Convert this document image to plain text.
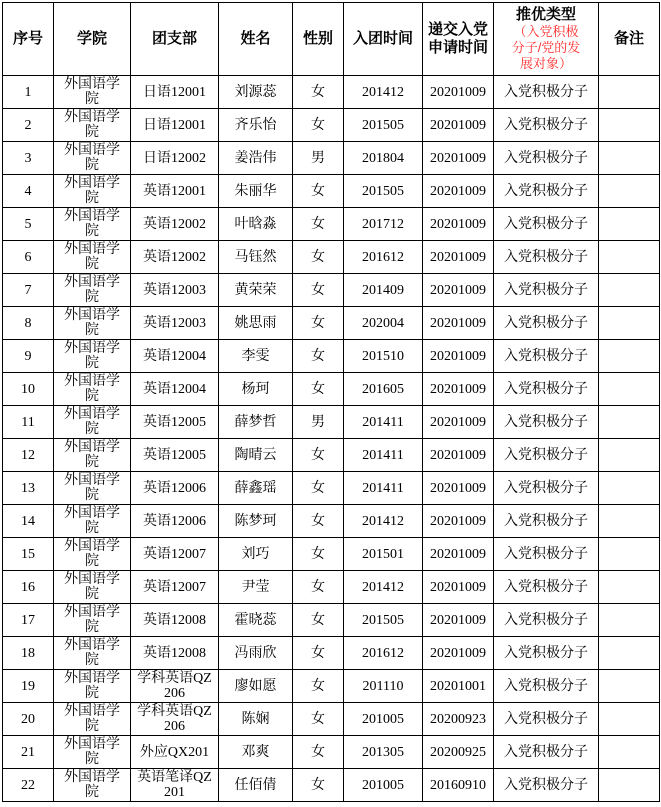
序号	学院	团支部	姓名	性别	入团时间	递交入党申请时间	推优类型
（入党积极
分子/党的发
展对象）	备注
1	外国语学院	日语12001	刘源蕊	女	201412	20201009	入党积极分子	
2	外国语学院	日语12001	齐乐怡	女	201505	20201009	入党积极分子	
3	外国语学院	日语12002	姜浩伟	男	201804	20201009	入党积极分子	
4	外国语学院	英语12001	朱丽华	女	201505	20201009	入党积极分子	
5	外国语学院	英语12002	叶晗淼	女	201712	20201009	入党积极分子	
6	外国语学院	英语12002	马钰然	女	201612	20201009	入党积极分子	
7	外国语学院	英语12003	黄荣荣	女	201409	20201009	入党积极分子	
8	外国语学院	英语12003	姚思雨	女	202004	20201009	入党积极分子	
9	外国语学院	英语12004	李雯	女	201510	20201009	入党积极分子	
10	外国语学院	英语12004	杨珂	女	201605	20201009	入党积极分子	
11	外国语学院	英语12005	薛梦哲	男	201411	20201009	入党积极分子	
12	外国语学院	英语12005	陶晴云	女	201411	20201009	入党积极分子	
13	外国语学院	英语12006	薛鑫瑶	女	201411	20201009	入党积极分子	
14	外国语学院	英语12006	陈梦珂	女	201412	20201009	入党积极分子	
15	外国语学院	英语12007	刘巧	女	201501	20201009	入党积极分子	
16	外国语学院	英语12007	尹莹	女	201412	20201009	入党积极分子	
17	外国语学院	英语12008	霍晓蕊	女	201505	20201009	入党积极分子	
18	外国语学院	英语12008	冯雨欣	女	201612	20201009	入党积极分子	
19	外国语学院	学科英语QZ206	廖如愿	女	201110	20201001	入党积极分子	
20	外国语学院	学科英语QZ206	陈娴	女	201005	20200923	入党积极分子	
21	外国语学院	外应QX201	邓爽	女	201305	20200925	入党积极分子	
22	外国语学院	英语笔译QZ201	任佰倩	女	201005	20160910	入党积极分子	
